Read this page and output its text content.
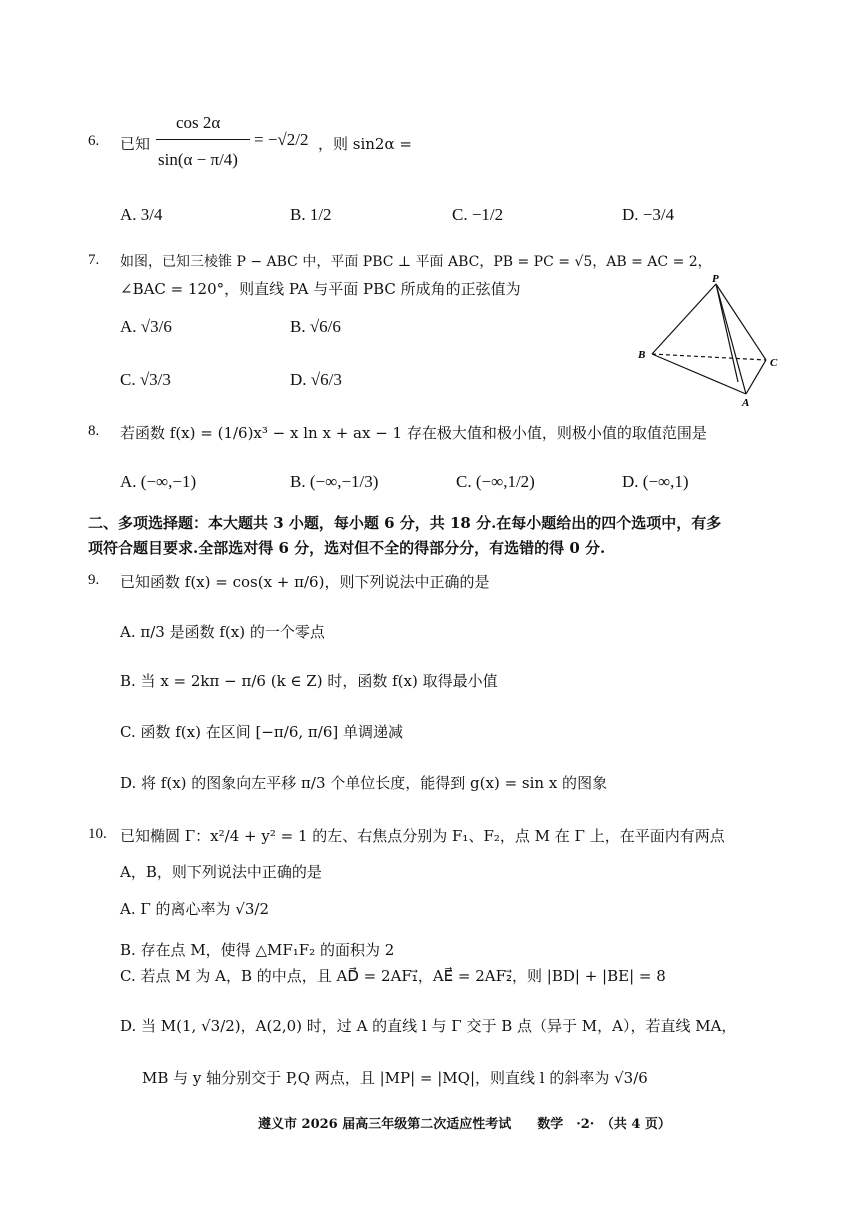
6. 已知
cos 2α
sin(α − π/4)
= −√2/2 ，则 sin2α =
A. 3/4	B. 1/2	C. −1/2	D. −3/4
7. 如图，已知三棱锥 P − ABC 中，平面 PBC ⊥ 平面 ABC，PB = PC = √5，AB = AC = 2，
∠BAC = 120°，则直线 PA 与平面 PBC 所成角的正弦值为
A. √3/6	B. √6/6
C. √3/3	D. √6/3
P
B
C
A
8. 若函数 f(x) = (1/6)x³ − x ln x + ax − 1 存在极大值和极小值，则极小值的取值范围是
A. (−∞,−1)	B. (−∞,−1/3)	C. (−∞,1/2)	D. (−∞,1)
二、多项选择题：本大题共 3 小题，每小题 6 分，共 18 分.在每小题给出的四个选项中，有多
项符合题目要求.全部选对得 6 分，选对但不全的得部分分，有选错的得 0 分.
9. 已知函数 f(x) = cos(x + π/6)，则下列说法中正确的是
A. π/3 是函数 f(x) 的一个零点
B. 当 x = 2kπ − π/6 (k ∈ Z) 时，函数 f(x) 取得最小值
C. 函数 f(x) 在区间 [−π/6, π/6] 单调递减
D. 将 f(x) 的图象向左平移 π/3 个单位长度，能得到 g(x) = sin x 的图象
10. 已知椭圆 Γ：x²/4 + y² = 1 的左、右焦点分别为 F₁、F₂，点 M 在 Γ 上，在平面内有两点
A，B，则下列说法中正确的是
A. Γ 的离心率为 √3/2
B. 存在点 M，使得 △MF₁F₂ 的面积为 2
C. 若点 M 为 A，B 的中点，且 AD⃗ = 2AF₁⃗，AE⃗ = 2AF₂⃗，则 |BD| + |BE| = 8
D. 当 M(1, √3/2)，A(2,0) 时，过 A 的直线 l 与 Γ 交于 B 点（异于 M，A），若直线 MA，
MB 与 y 轴分别交于 P,Q 两点，且 |MP| = |MQ|，则直线 l 的斜率为 √3/6
遵义市 2026 届高三年级第二次适应性考试　　数学　·2·　（共 4 页）
